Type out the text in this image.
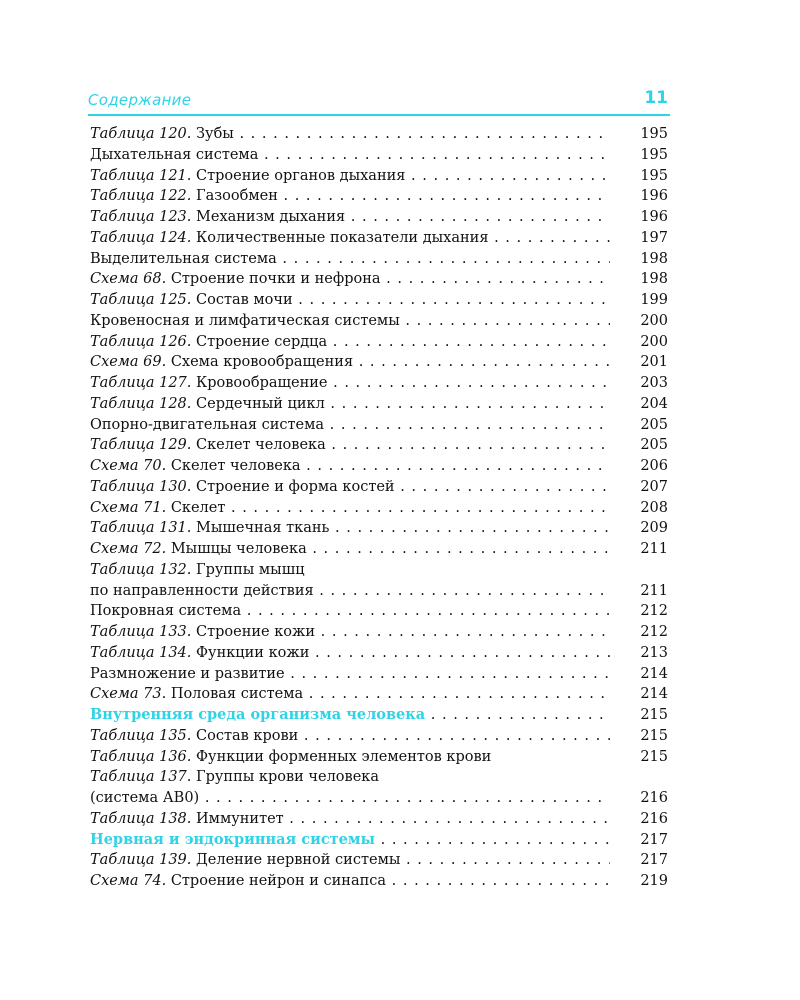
Содержание	11
Таблица 120. Зубы . . .	195
Дыхательная система . . .	195
Таблица 121. Строение органов дыхания . . .	195
Таблица 122. Газообмен . . .	196
Таблица 123. Механизм дыхания . . .	196
Таблица 124. Количественные показатели дыхания . . .	197
Выделительная система . . .	198
Схема 68. Строение почки и нефрона . . .	198
Таблица 125. Состав мочи . . .	199
Кровеносная и лимфатическая системы . . .	200
Таблица 126. Строение сердца . . .	200
Схема 69. Схема кровообращения . . .	201
Таблица 127. Кровообращение . . .	203
Таблица 128. Сердечный цикл . . .	204
Опорно-двигательная система . . .	205
Таблица 129. Скелет человека . . .	205
Схема 70. Скелет человека . . .	206
Таблица 130. Строение и форма костей . . .	207
Схема 71. Скелет . . .	208
Таблица 131. Мышечная ткань . . .	209
Схема 72. Мышцы человека . . .	211
Таблица 132. Группы мышц
по направленности действия . . .	211
Покровная система . . .	212
Таблица 133. Строение кожи . . .	212
Таблица 134. Функции кожи . . .	213
Размножение и развитие . . .	214
Схема 73. Половая система . . .	214
Внутренняя среда организма человека . . .	215
Таблица 135. Состав крови . . .	215
Таблица 136. Функции форменных элементов крови	215
Таблица 137. Группы крови человека
(система АВ0) . . .	216
Таблица 138. Иммунитет . . .	216
Нервная и эндокринная системы . . .	217
Таблица 139. Деление нервной системы . . .	217
Схема 74. Строение нейрон и синапса . . .	219
